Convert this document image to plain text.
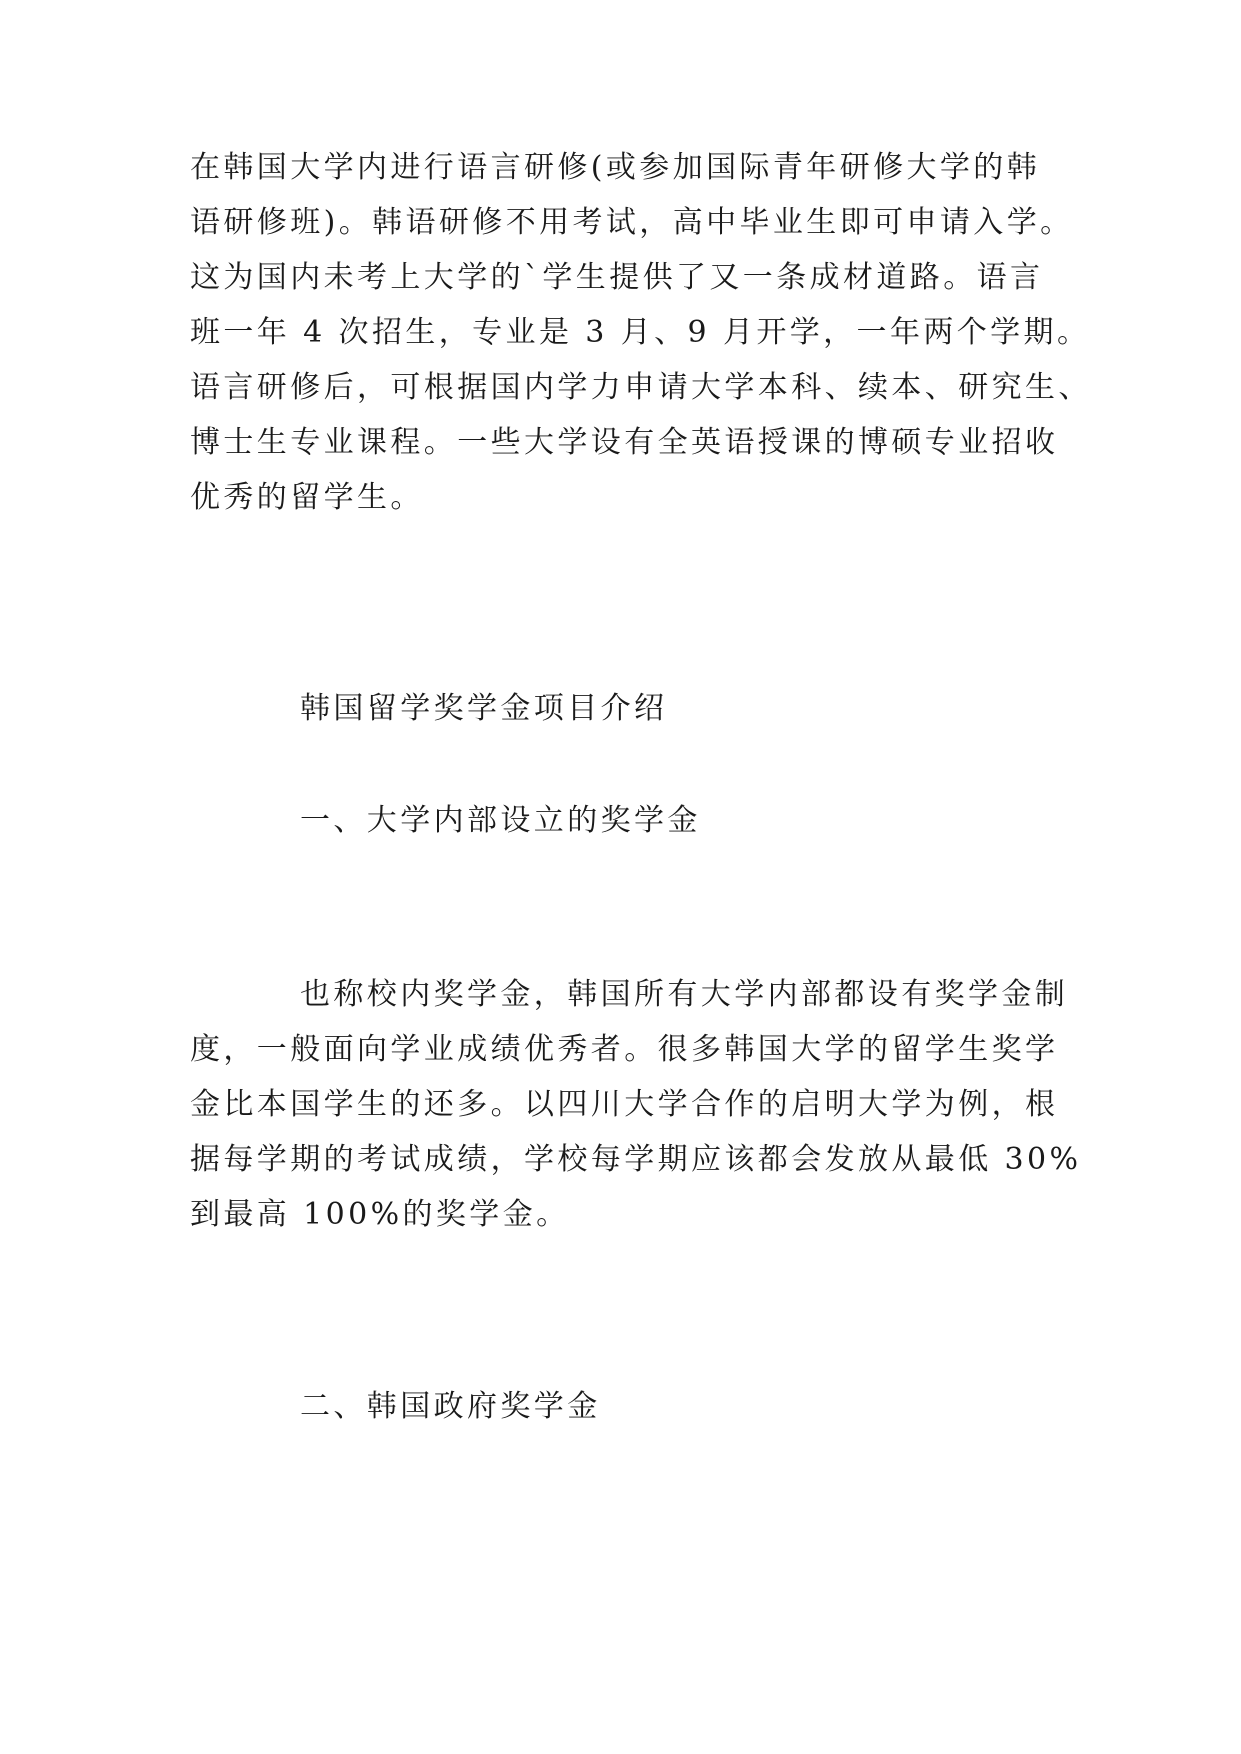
在韩国大学内进行语言研修(或参加国际青年研修大学的韩
语研修班)。韩语研修不用考试，高中毕业生即可申请入学。
这为国内未考上大学的`学生提供了又一条成材道路。语言
班一年 4 次招生，专业是 3 月、9 月开学，一年两个学期。
语言研修后，可根据国内学力申请大学本科、续本、研究生、
博士生专业课程。一些大学设有全英语授课的博硕专业招收
优秀的留学生。
韩国留学奖学金项目介绍
一、大学内部设立的奖学金
也称校内奖学金，韩国所有大学内部都设有奖学金制
度，一般面向学业成绩优秀者。很多韩国大学的留学生奖学
金比本国学生的还多。以四川大学合作的启明大学为例，根
据每学期的考试成绩，学校每学期应该都会发放从最低 30%
到最高 100%的奖学金。
二、韩国政府奖学金
